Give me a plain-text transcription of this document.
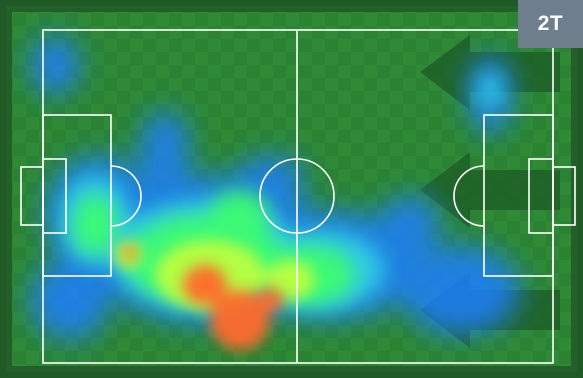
2T
